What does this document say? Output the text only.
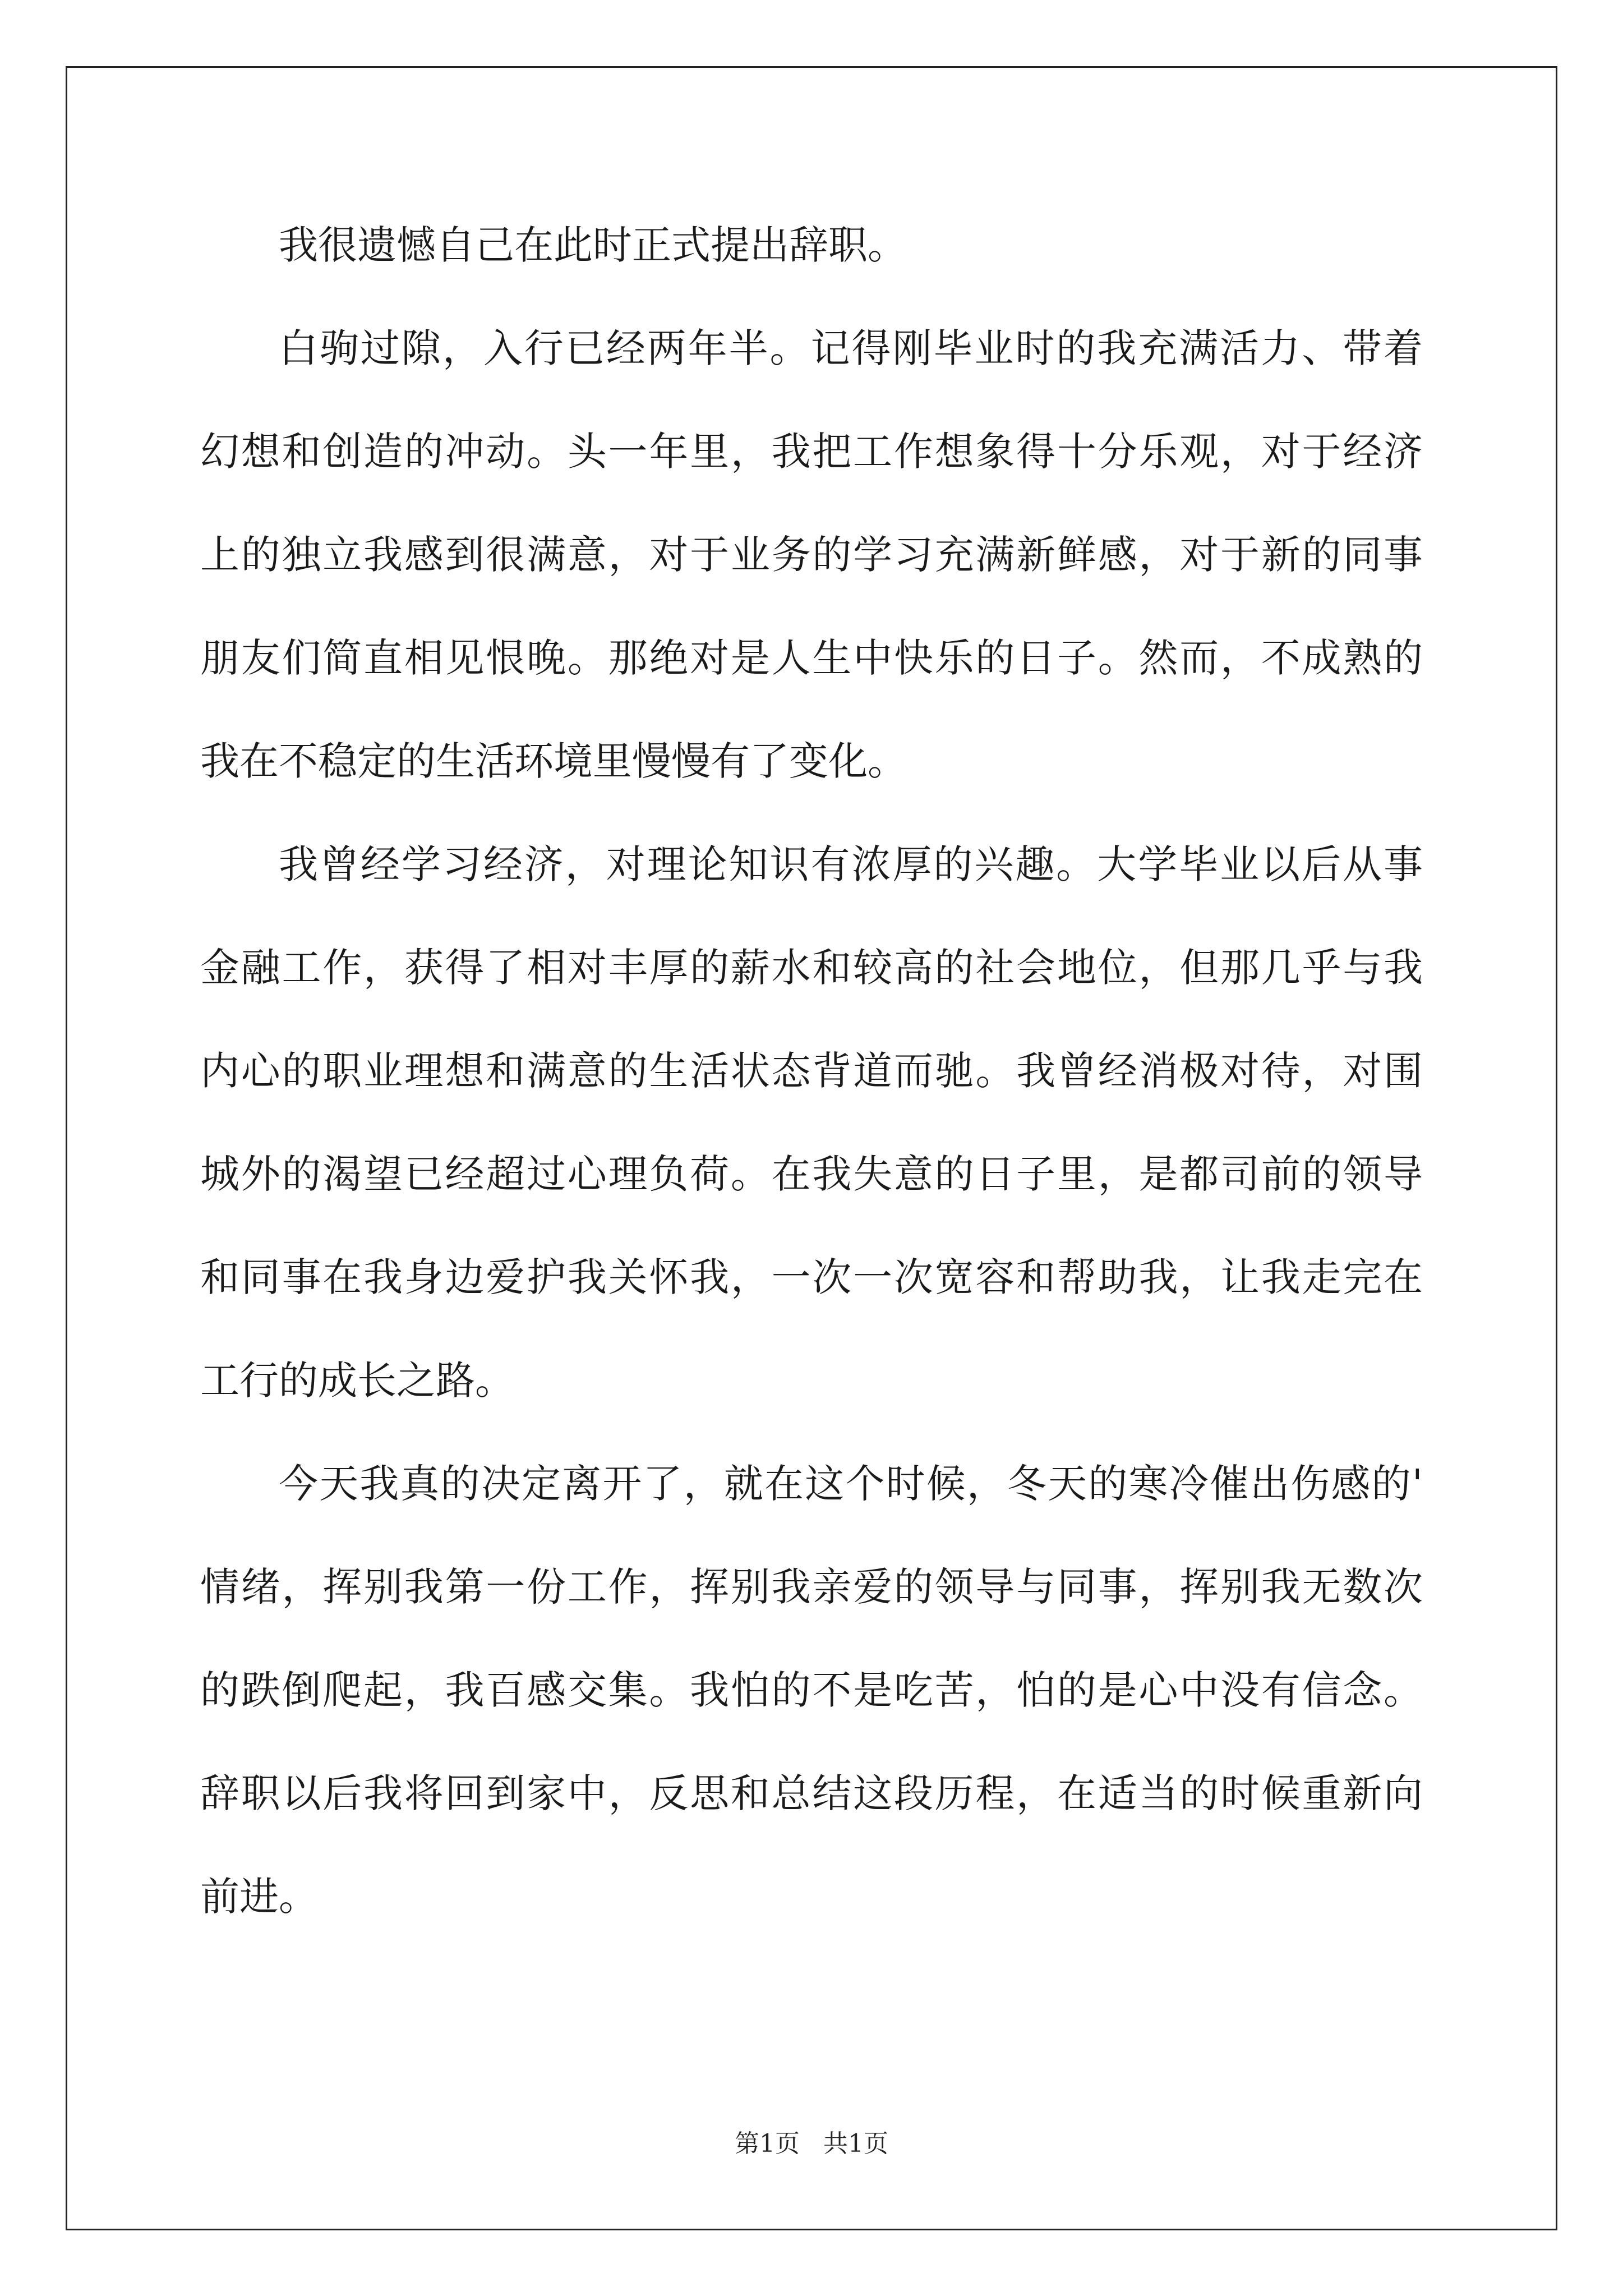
我很遗憾自己在此时正式提出辞职。

白驹过隙，入行已经两年半。记得刚毕业时的我充满活力、带着

幻想和创造的冲动。头一年里，我把工作想象得十分乐观，对于经济

上的独立我感到很满意，对于业务的学习充满新鲜感，对于新的同事

朋友们简直相见恨晚。那绝对是人生中快乐的日子。然而，不成熟的

我在不稳定的生活环境里慢慢有了变化。

我曾经学习经济，对理论知识有浓厚的兴趣。大学毕业以后从事

金融工作，获得了相对丰厚的薪水和较高的社会地位，但那几乎与我

内心的职业理想和满意的生活状态背道而驰。我曾经消极对待，对围

城外的渴望已经超过心理负荷。在我失意的日子里，是都司前的领导

和同事在我身边爱护我关怀我，一次一次宽容和帮助我，让我走完在

工行的成长之路。

今天我真的决定离开了，就在这个时候，冬天的寒冷催出伤感的'

情绪，挥别我第一份工作，挥别我亲爱的领导与同事，挥别我无数次

的跌倒爬起，我百感交集。我怕的不是吃苦，怕的是心中没有信念。

辞职以后我将回到家中，反思和总结这段历程，在适当的时候重新向

前进。

第1页   共1页
